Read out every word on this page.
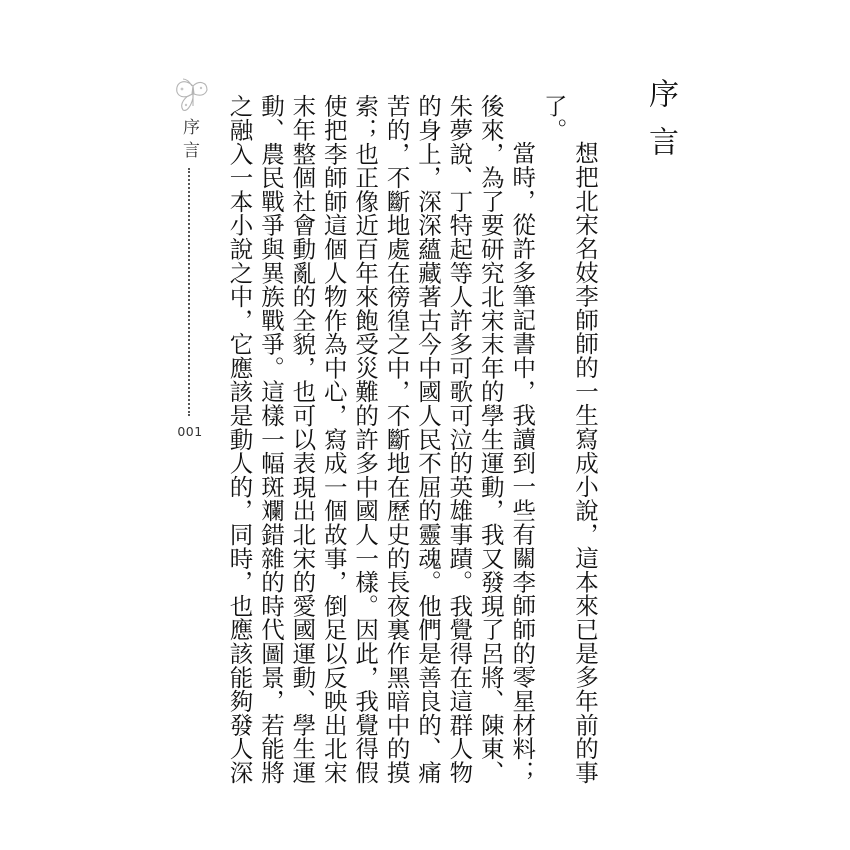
序言

想把北宋名妓李師師的一生寫成小說，這本來已是多年前的事了。

當時，從許多筆記書中，我讀到一些有關李師師的零星材料；後來，為了要研究北宋末年的學生運動，我又發現了呂將、陳東、朱夢說、丁特起等人許多可歌可泣的英雄事蹟。我覺得在這群人物的身上，深深蘊藏著古今中國人民不屈的靈魂。他們是善良的、痛苦的，不斷地處在徬徨之中，不斷地在歷史的長夜裏作黑暗中的摸索；也正像近百年來飽受災難的許多中國人一樣。因此，我覺得假使把李師師這個人物作為中心，寫成一個故事，倒足以反映出北宋末年整個社會動亂的全貌，也可以表現出北宋的愛國運動、學生運動、農民戰爭與異族戰爭。這樣一幅斑斕錯雜的時代圖景，若能將之融入一本小說之中，它應該是動人的，同時，也應該能夠發人深

序言
001
